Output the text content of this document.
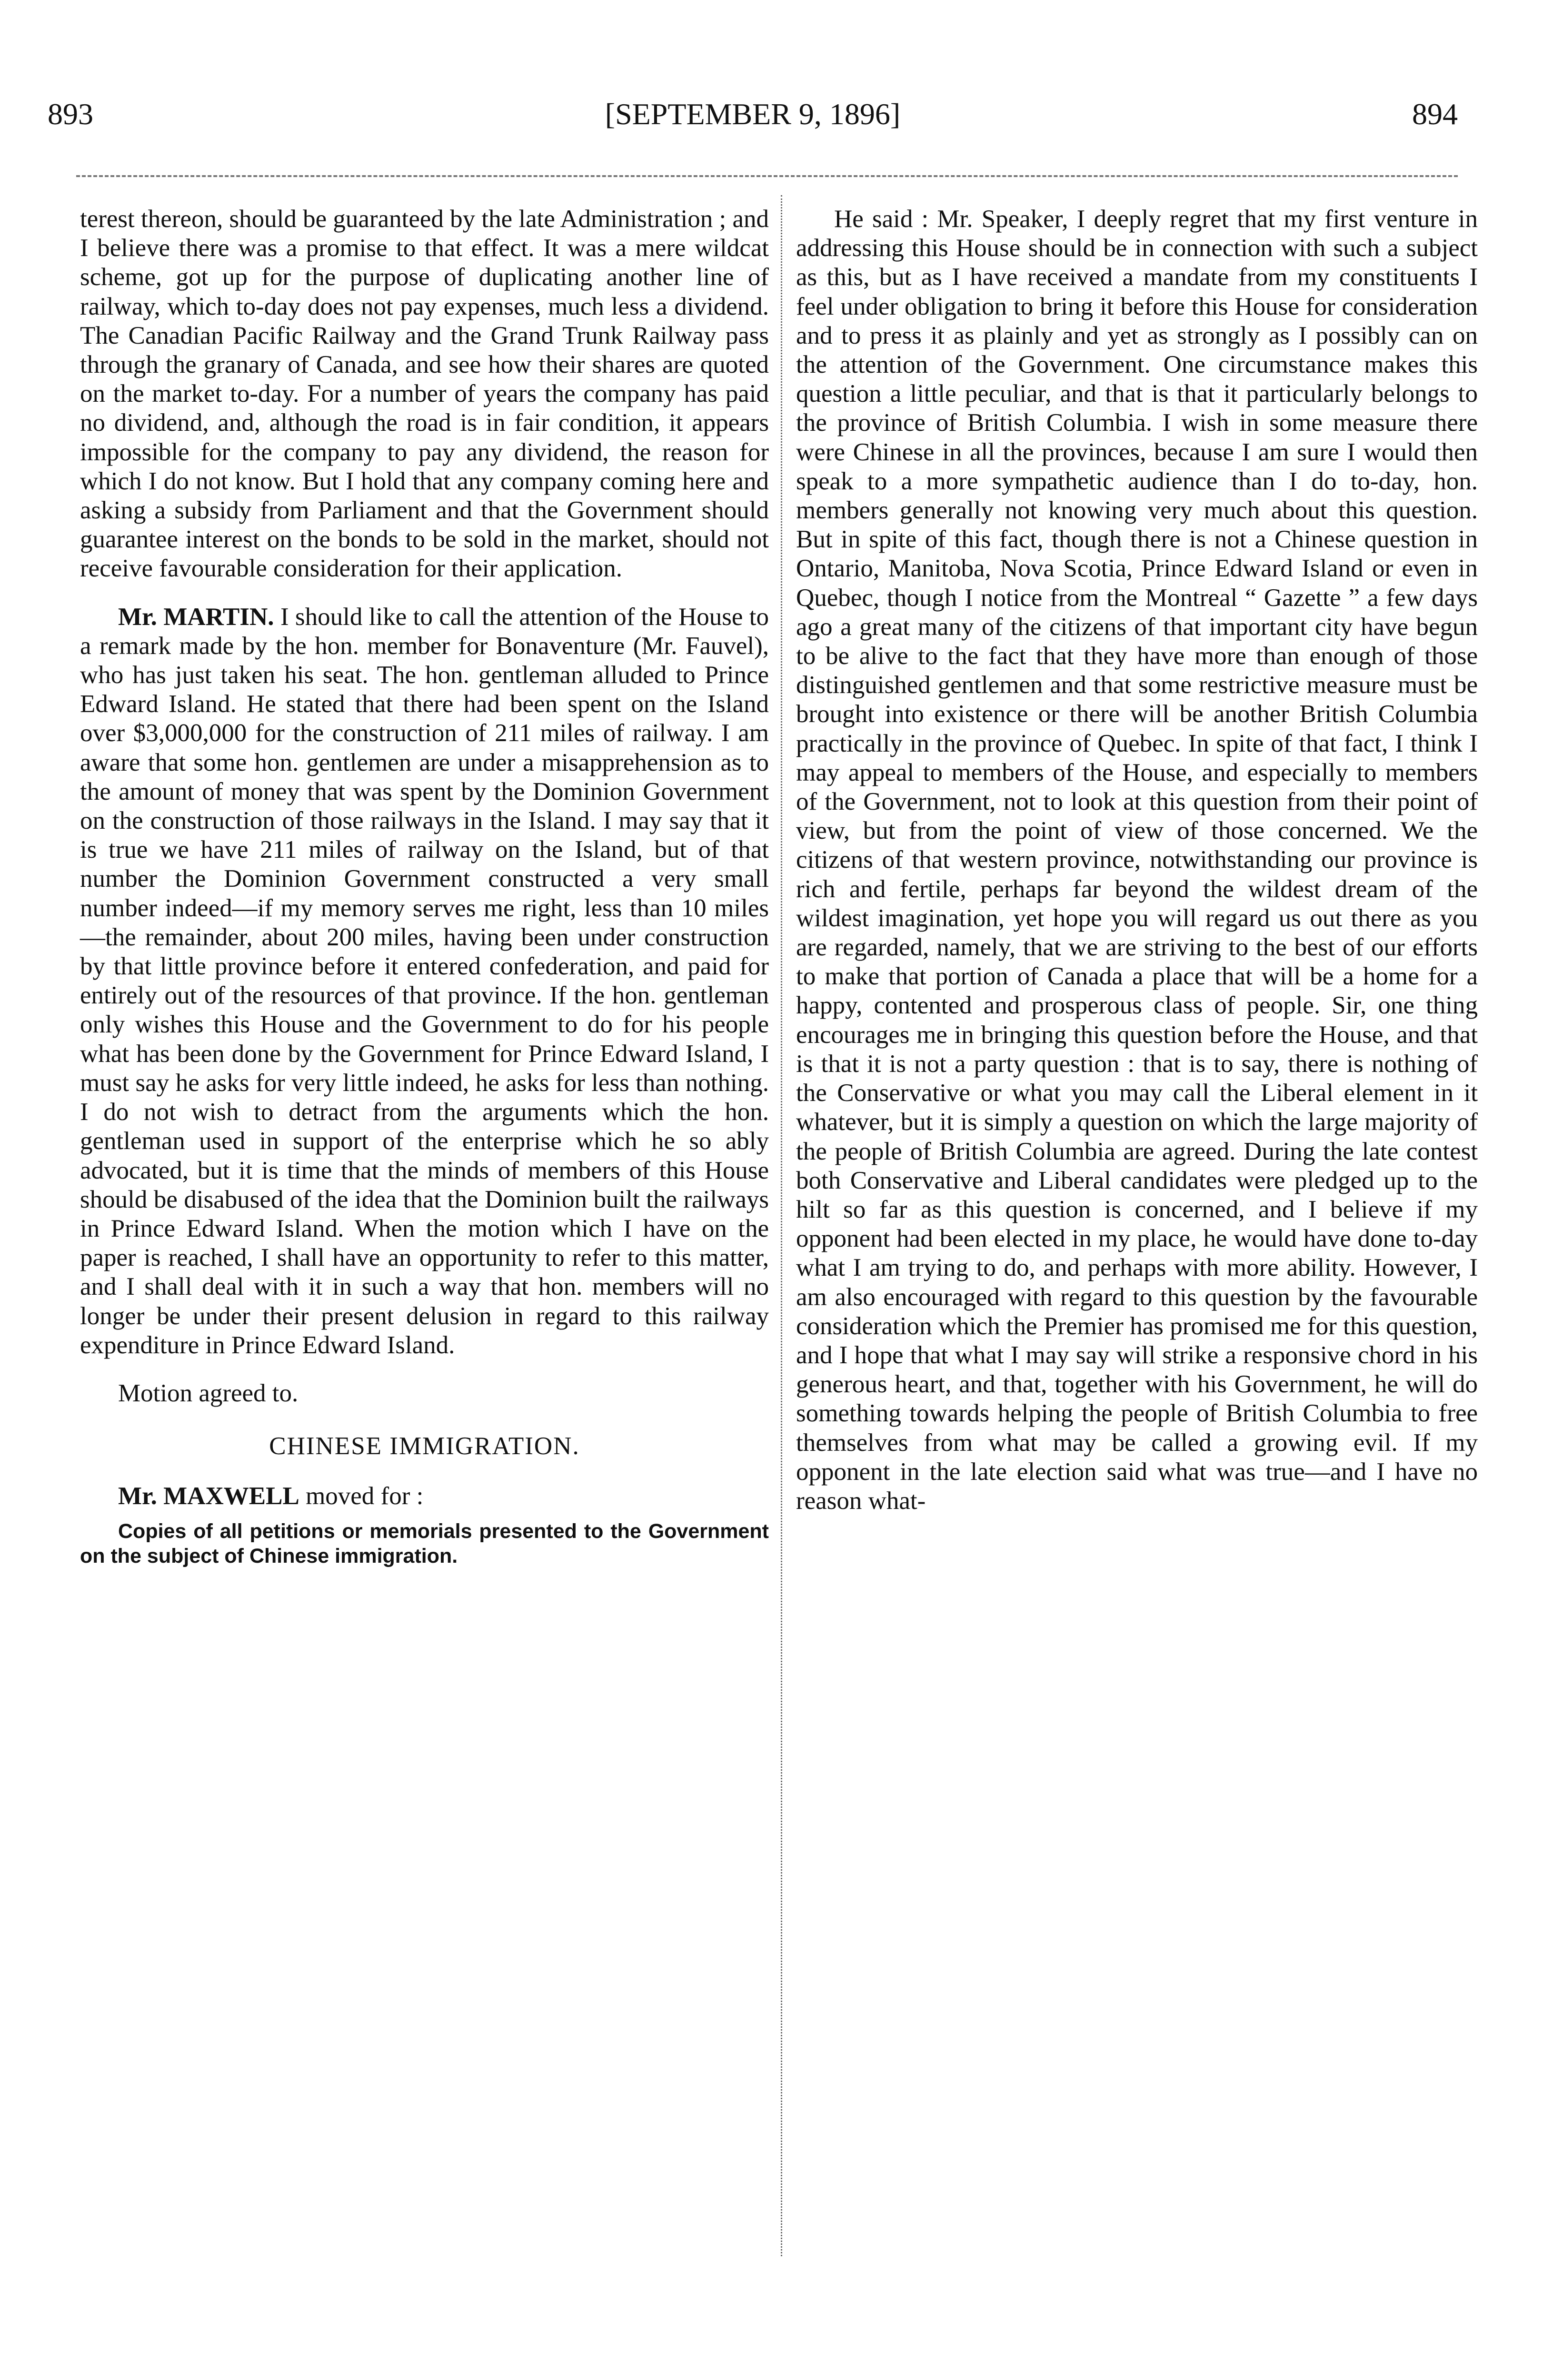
893	[SEPTEMBER 9, 1896]	894

terest thereon, should be guaranteed by the late Administration ; and I believe there was a promise to that effect. It was a mere wildcat scheme, got up for the purpose of duplicating another line of railway, which to-day does not pay expenses, much less a dividend. The Canadian Pacific Railway and the Grand Trunk Railway pass through the granary of Canada, and see how their shares are quoted on the market to-day. For a number of years the company has paid no dividend, and, although the road is in fair condition, it appears impossible for the company to pay any dividend, the reason for which I do not know. But I hold that any company coming here and asking a subsidy from Parliament and that the Government should guarantee interest on the bonds to be sold in the market, should not receive favourable consideration for their application.

Mr. MARTIN. I should like to call the attention of the House to a remark made by the hon. member for Bonaventure (Mr. Fauvel), who has just taken his seat. The hon. gentleman alluded to Prince Edward Island. He stated that there had been spent on the Island over $3,000,000 for the construction of 211 miles of railway. I am aware that some hon. gentlemen are under a misapprehension as to the amount of money that was spent by the Dominion Government on the construction of those railways in the Island. I may say that it is true we have 211 miles of railway on the Island, but of that number the Dominion Government constructed a very small number indeed—if my memory serves me right, less than 10 miles—the remainder, about 200 miles, having been under construction by that little province before it entered confederation, and paid for entirely out of the resources of that province. If the hon. gentleman only wishes this House and the Government to do for his people what has been done by the Government for Prince Edward Island, I must say he asks for very little indeed, he asks for less than nothing. I do not wish to detract from the arguments which the hon. gentleman used in support of the enterprise which he so ably advocated, but it is time that the minds of members of this House should be disabused of the idea that the Dominion built the railways in Prince Edward Island. When the motion which I have on the paper is reached, I shall have an opportunity to refer to this matter, and I shall deal with it in such a way that hon. members will no longer be under their present delusion in regard to this railway expenditure in Prince Edward Island.

Motion agreed to.

CHINESE IMMIGRATION.

Mr. MAXWELL moved for :

Copies of all petitions or memorials presented to the Government on the subject of Chinese immigration.

He said : Mr. Speaker, I deeply regret that my first venture in addressing this House should be in connection with such a subject as this, but as I have received a mandate from my constituents I feel under obligation to bring it before this House for consideration and to press it as plainly and yet as strongly as I possibly can on the attention of the Government. One circumstance makes this question a little peculiar, and that is that it particularly belongs to the province of British Columbia. I wish in some measure there were Chinese in all the provinces, because I am sure I would then speak to a more sympathetic audience than I do to-day, hon. members generally not knowing very much about this question. But in spite of this fact, though there is not a Chinese question in Ontario, Manitoba, Nova Scotia, Prince Edward Island or even in Quebec, though I notice from the Montreal “ Gazette ” a few days ago a great many of the citizens of that important city have begun to be alive to the fact that they have more than enough of those distinguished gentlemen and that some restrictive measure must be brought into existence or there will be another British Columbia practically in the province of Quebec. In spite of that fact, I think I may appeal to members of the House, and especially to members of the Government, not to look at this question from their point of view, but from the point of view of those concerned. We the citizens of that western province, notwithstanding our province is rich and fertile, perhaps far beyond the wildest dream of the wildest imagination, yet hope you will regard us out there as you are regarded, namely, that we are striving to the best of our efforts to make that portion of Canada a place that will be a home for a happy, contented and prosperous class of people. Sir, one thing encourages me in bringing this question before the House, and that is that it is not a party question : that is to say, there is nothing of the Conservative or what you may call the Liberal element in it whatever, but it is simply a question on which the large majority of the people of British Columbia are agreed. During the late contest both Conservative and Liberal candidates were pledged up to the hilt so far as this question is concerned, and I believe if my opponent had been elected in my place, he would have done to-day what I am trying to do, and perhaps with more ability. However, I am also encouraged with regard to this question by the favourable consideration which the Premier has promised me for this question, and I hope that what I may say will strike a responsive chord in his generous heart, and that, together with his Government, he will do something towards helping the people of British Columbia to free themselves from what may be called a growing evil. If my opponent in the late election said what was true—and I have no reason what-
